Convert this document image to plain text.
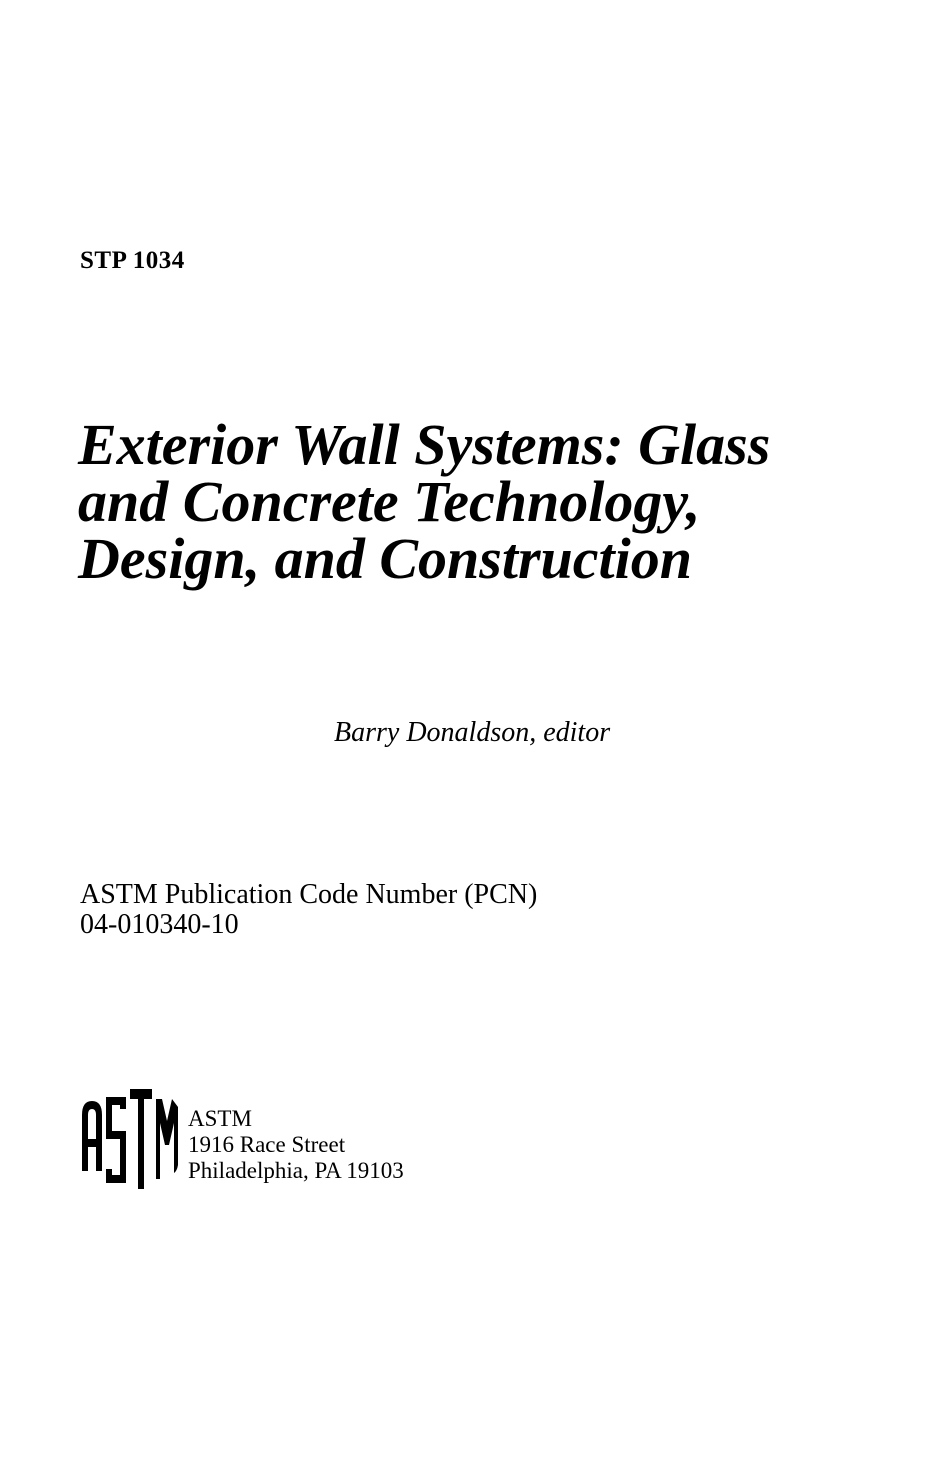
STP 1034
Exterior Wall Systems: Glass
and Concrete Technology,
Design, and Construction
Barry Donaldson, editor
ASTM Publication Code Number (PCN)
04-010340-10
ASTM
1916 Race Street
Philadelphia, PA 19103
